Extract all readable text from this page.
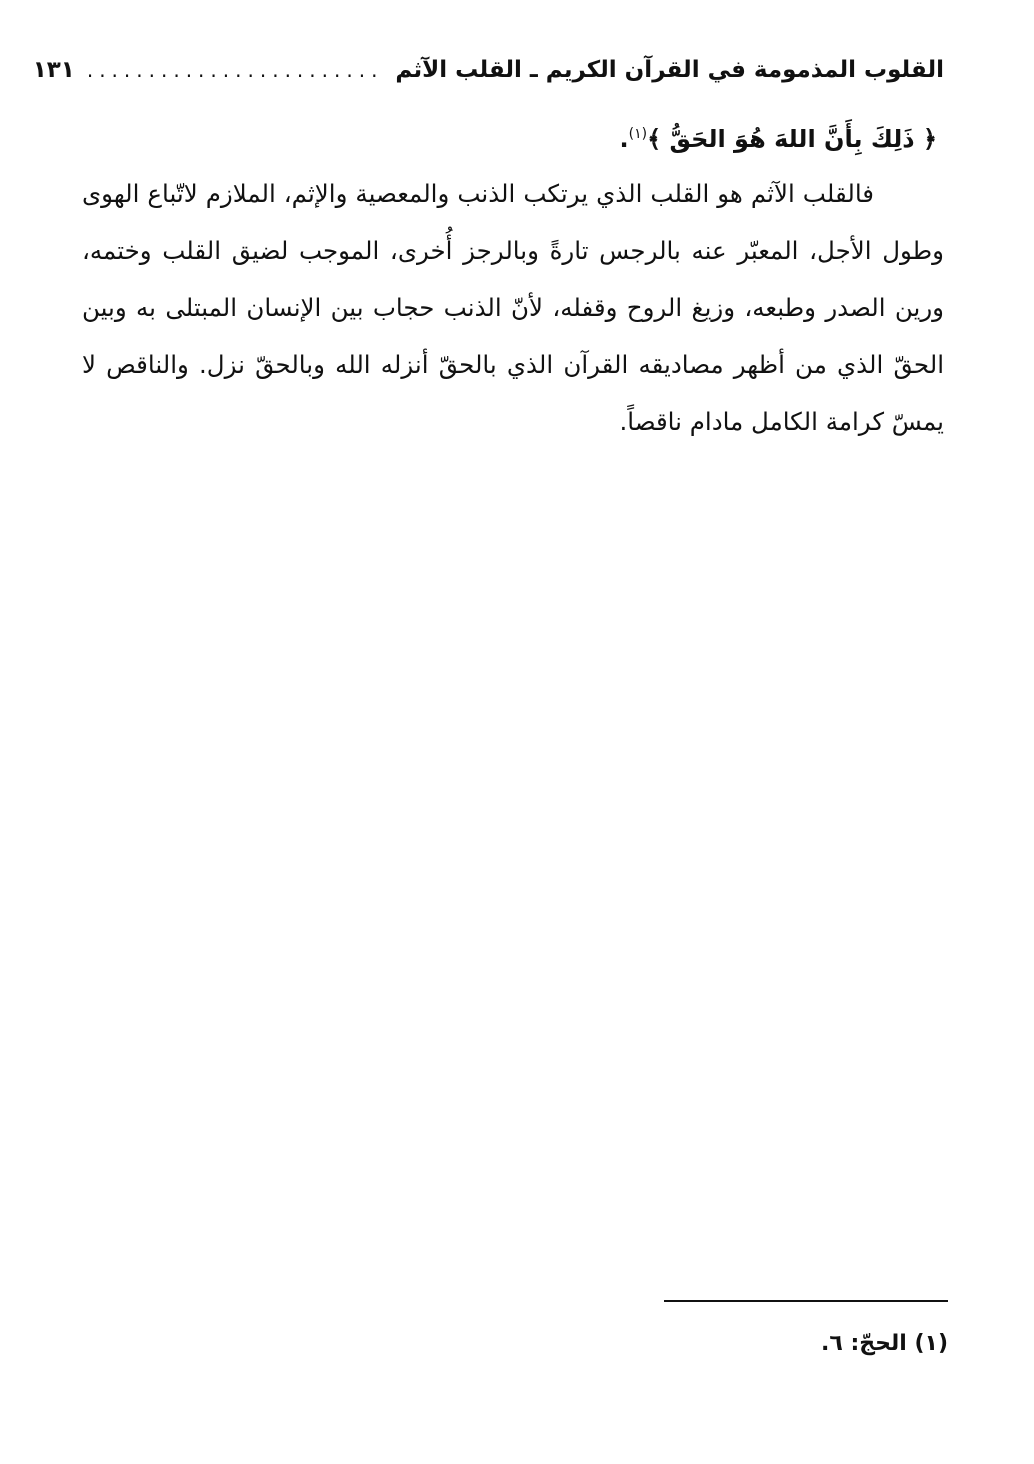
القلوب المذمومة في القرآن الكريم ـ القلب الآثم
........................
١٣١
﴿ ذَلِكَ بِأَنَّ اللهَ هُوَ الحَقُّ ﴾$^{(١)}$.

فالقلب الآثم هو القلب الذي يرتكب الذنب والمعصية والإثم، الملازم لاتّباع الهوى وطول الأجل، المعبّر عنه بالرجس تارةً وبالرجز أُخرى، الموجب لضيق القلب وختمه، ورين الصدر وطبعه، وزيغ الروح وقفله، لأنّ الذنب حجاب بين الإنسان المبتلى به وبين الحقّ الذي من أظهر مصاديقه القرآن الذي بالحقّ أنزله الله وبالحقّ نزل. والناقص لا يمسّ كرامة الكامل مادام ناقصاً.

(١) الحجّ: ٦.
